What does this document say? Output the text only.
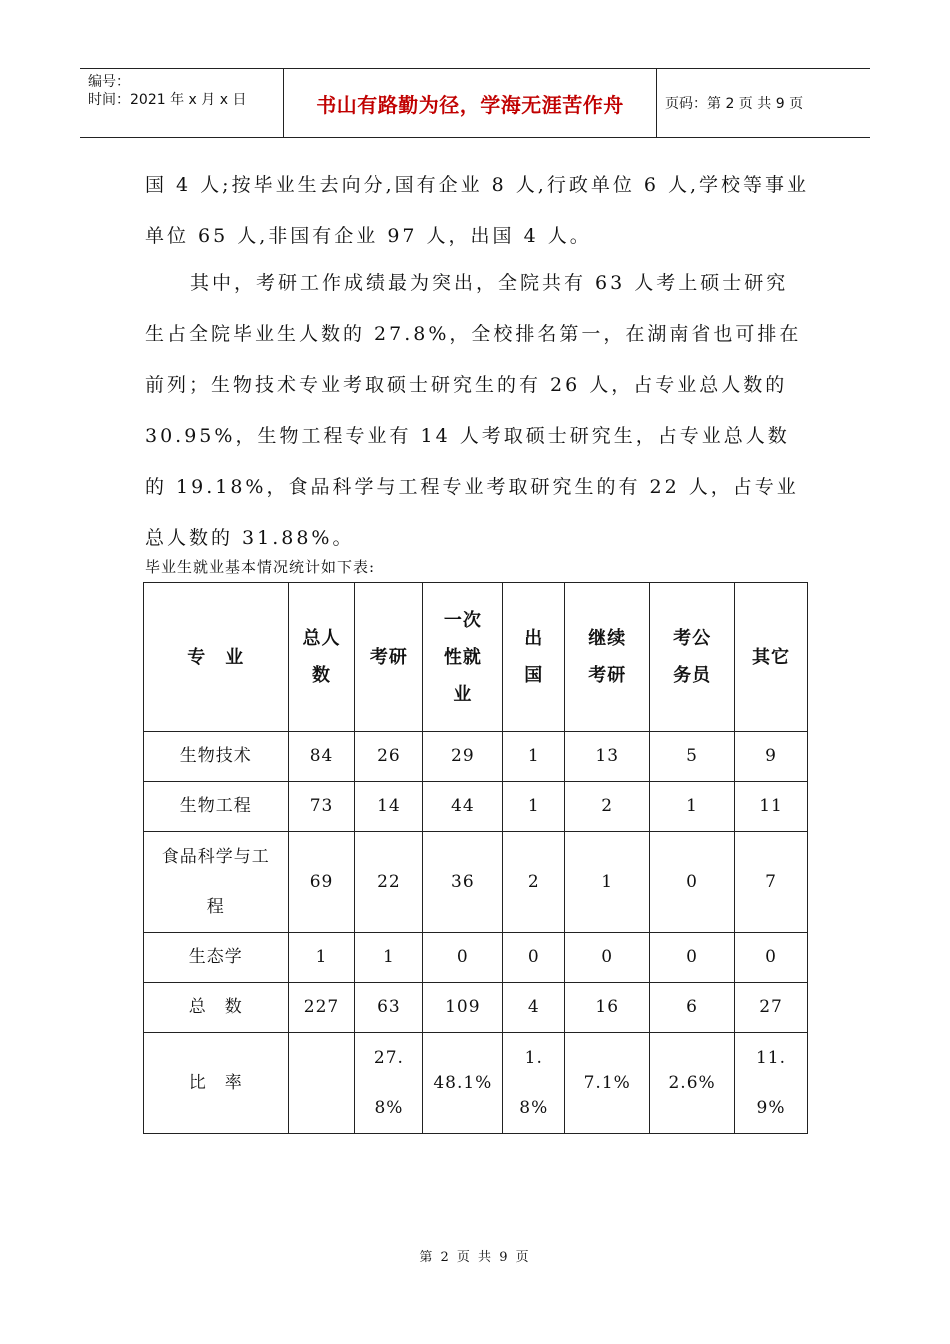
编号：
时间：2021 年 x 月 x 日	书山有路勤为径，学海无涯苦作舟	页码：第 2 页 共 9 页

国 4 人;按毕业生去向分,国有企业 8 人,行政单位 6 人,学校等事业单位 65 人,非国有企业 97 人，出国 4 人。

其中，考研工作成绩最为突出，全院共有 63 人考上硕士研究生占全院毕业生人数的 27.8%，全校排名第一，在湖南省也可排在前列；生物技术专业考取硕士研究生的有 26 人，占专业总人数的 30.95%，生物工程专业有 14 人考取硕士研究生，占专业总人数的 19.18%，食品科学与工程专业考取研究生的有 22 人，占专业总人数的 31.88%。

毕业生就业基本情况统计如下表:
专　业	总人数	考研	一次性就业	出国	继续考研	考公务员	其它
生物技术	84	26	29	1	13	5	9
生物工程	73	14	44	1	2	1	11
食品科学与工程	69	22	36	2	1	0	7
生态学	1	1	0	0	0	0	0
总　数	227	63	109	4	16	6	27
比　率		27.8%	48.1%	1.8%	7.1%	2.6%	11.9%
第 2 页 共 9 页
